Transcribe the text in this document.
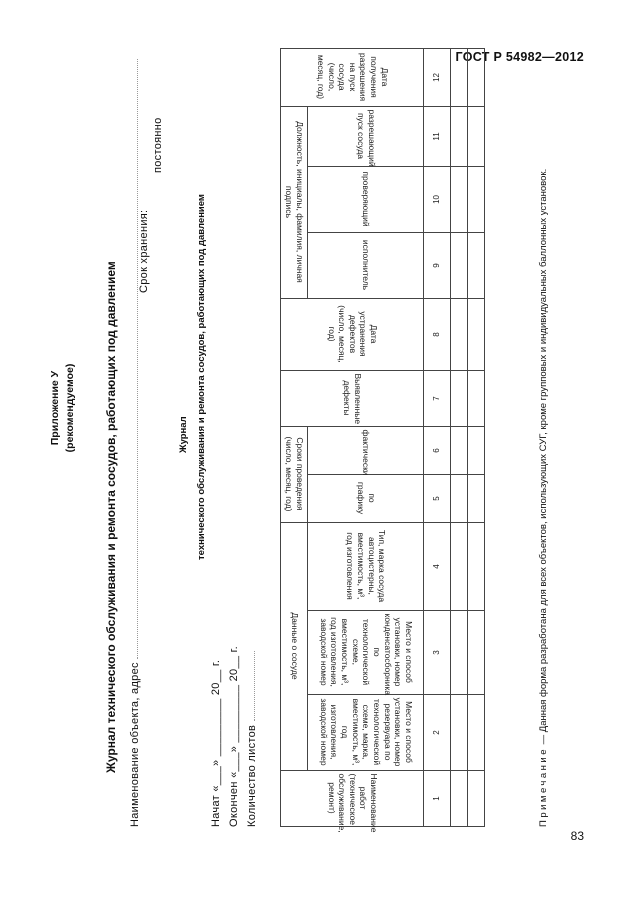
ГОСТ Р 54982—2012
83
Приложение У (рекомендуемое) Журнал технического обслуживания и ремонта сосудов, работающих под давлением Наименование объекта, адрес
Срок хранения:
постоянно
Журнал технического обслуживания и ремонта сосудов, работающих под давлением
Начат «___» _________ 20__ г. Окончен «___» _________ 20__ г. Количество листов	Наименование работ (техническое обслуживание, ремонт)	Данные о сосуде			Сроки проведения (число, месяц, год)		Выявленные дефекты	Дата устранения дефектов (число, месяц, год)	Должность, инициалы, фамилия, личная подпись			Дата получения разрешения на пуск сосуда (число, месяц, год)
	Место и способ установки, номер резервуара по технологической схеме, марка, вместимость, м³, год изготовления, заводской номер	Место и способ установки, номер конденсатосборника по технологической схеме, вместимость, м³, год изготовления, заводской номер	Тип, марка сосуда автоцистерны, вместимость, м³, год изготовления	по графику	фактически			исполнитель	проверяющий	разрешающий пуск сосуда	
1	2	3	4	5	6	7	8	9	10	11	12

Примечание — Данная форма разработана для всех объектов, использующих СУГ, кроме групповых и индивидуальных баллонных установок.
